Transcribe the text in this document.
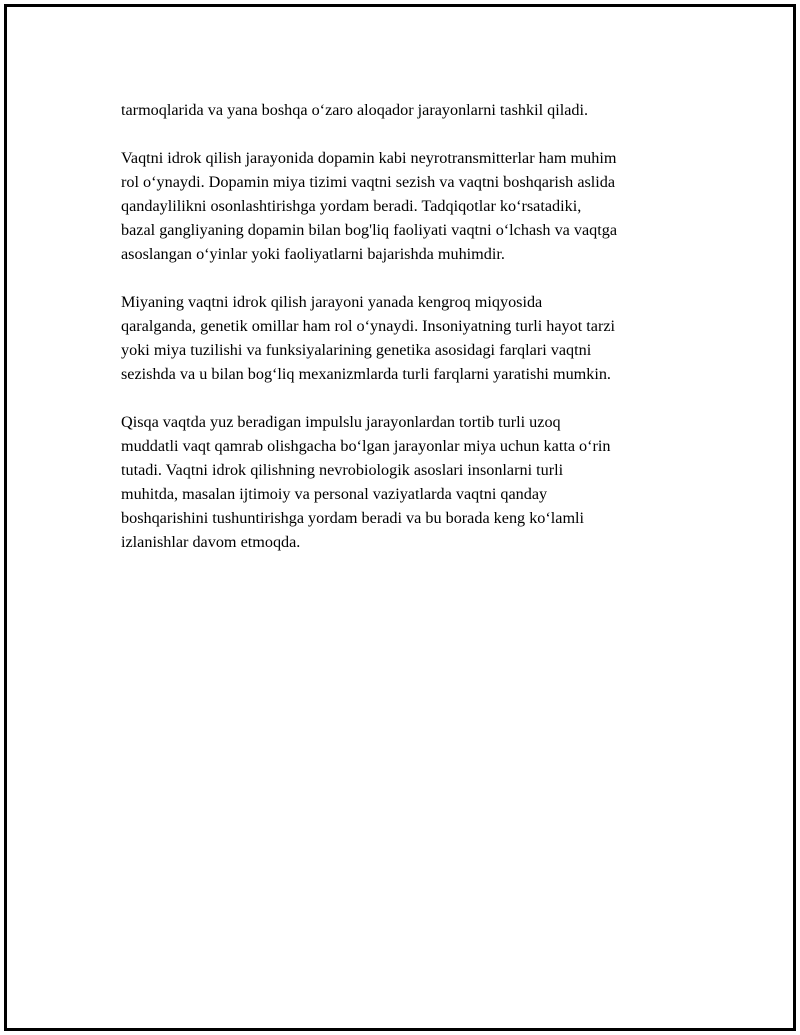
tarmoqlarida va yana boshqa o‘zaro aloqador jarayonlarni tashkil qiladi.

Vaqtni idrok qilish jarayonida dopamin kabi neyrotransmitterlar ham muhim
rol o‘ynaydi. Dopamin miya tizimi vaqtni sezish va vaqtni boshqarish aslida
qandaylilikni osonlashtirishga yordam beradi. Tadqiqotlar ko‘rsatadiki,
bazal gangliyaning dopamin bilan bog'liq faoliyati vaqtni o‘lchash va vaqtga
asoslangan o‘yinlar yoki faoliyatlarni bajarishda muhimdir.

Miyaning vaqtni idrok qilish jarayoni yanada kengroq miqyosida
qaralganda, genetik omillar ham rol o‘ynaydi. Insoniyatning turli hayot tarzi
yoki miya tuzilishi va funksiyalarining genetika asosidagi farqlari vaqtni
sezishda va u bilan bog‘liq mexanizmlarda turli farqlarni yaratishi mumkin.

Qisqa vaqtda yuz beradigan impulslu jarayonlardan tortib turli uzoq
muddatli vaqt qamrab olishgacha bo‘lgan jarayonlar miya uchun katta o‘rin
tutadi. Vaqtni idrok qilishning nevrobiologik asoslari insonlarni turli
muhitda, masalan ijtimoiy va personal vaziyatlarda vaqtni qanday
boshqarishini tushuntirishga yordam beradi va bu borada keng ko‘lamli
izlanishlar davom etmoqda.
